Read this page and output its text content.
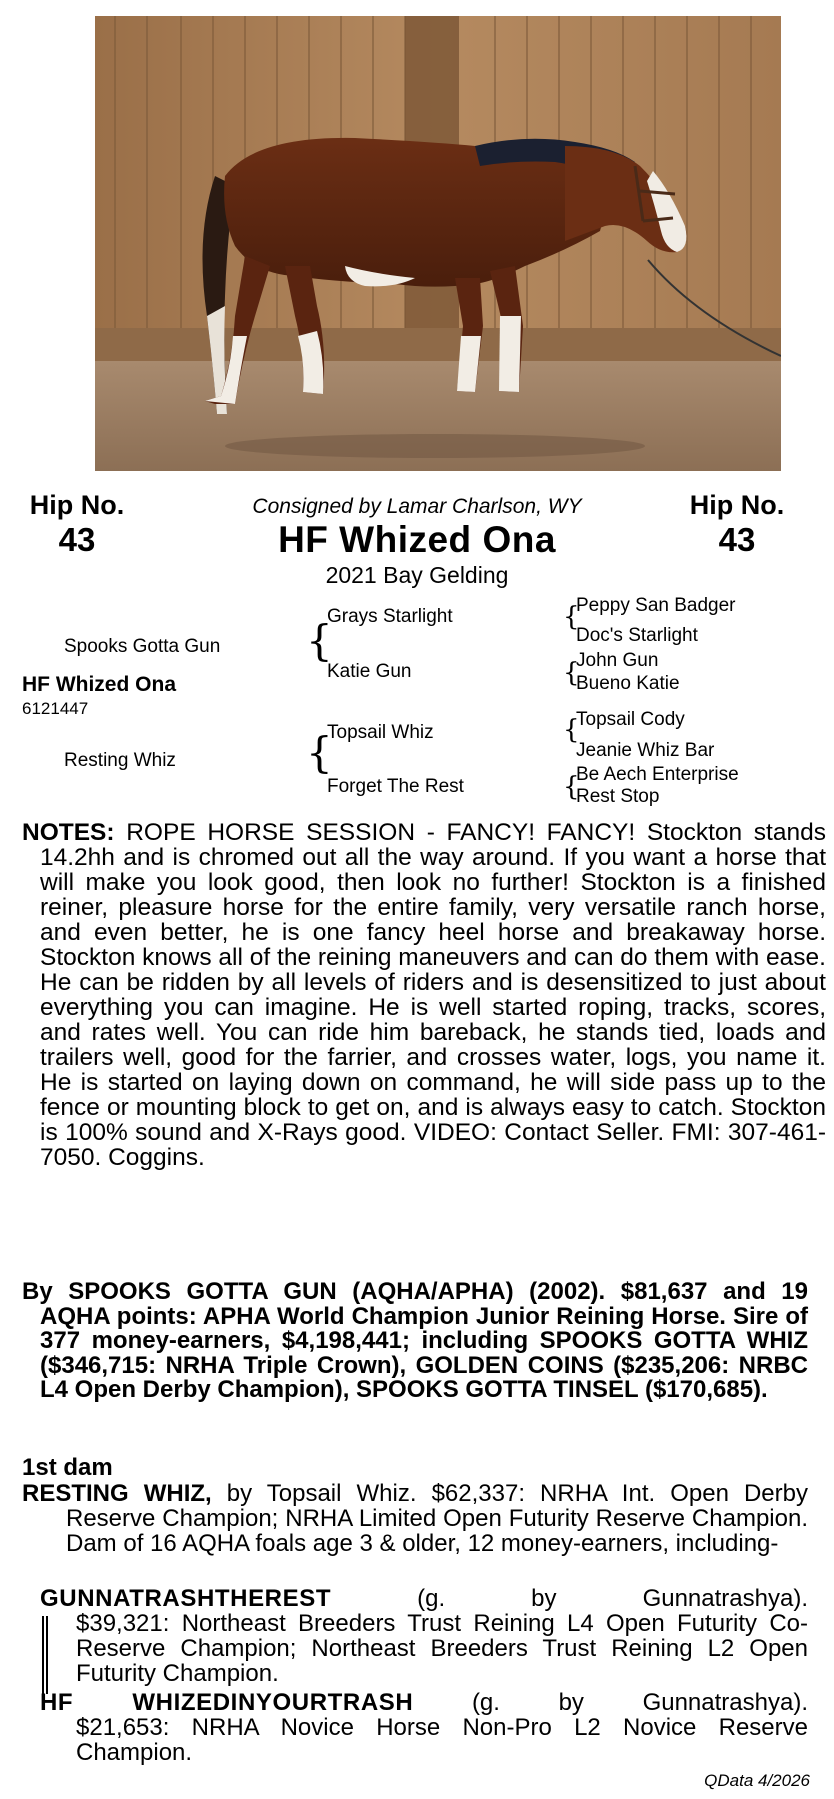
Hip No.
43
Hip No.
43
Consigned by Lamar Charlson, WY
HF Whized Ona
2021 Bay Gelding
Spooks Gotta Gun
HF Whized Ona
6121447
Resting Whiz
{
Grays Starlight
Katie Gun
{
Topsail Whiz
Forget The Rest
{
Peppy San Badger
Doc's Starlight
{
John Gun
Bueno Katie
{
Topsail Cody
Jeanie Whiz Bar
{
Be Aech Enterprise
Rest Stop
NOTES: ROPE HORSE SESSION - FANCY! FANCY! Stockton stands 14.2hh and is chromed out all the way around. If you want a horse that will make you look good, then look no further! Stockton is a finished reiner, pleasure horse for the entire family, very versatile ranch horse, and even better, he is one fancy heel horse and breakaway horse. Stockton knows all of the reining maneuvers and can do them with ease. He can be ridden by all levels of riders and is desensitized to just about everything you can imagine. He is well started roping, tracks, scores, and rates well. You can ride him bareback, he stands tied, loads and trailers well, good for the farrier, and crosses water, logs, you name it. He is started on laying down on command, he will side pass up to the fence or mounting block to get on, and is always easy to catch. Stockton is 100% sound and X-Rays good. VIDEO: Contact Seller. FMI: 307-461-7050. Coggins.
By SPOOKS GOTTA GUN (AQHA/APHA) (2002). $81,637 and 19 AQHA points: APHA World Champion Junior Reining Horse. Sire of 377 money-earners, $4,198,441; including SPOOKS GOTTA WHIZ ($346,715: NRHA Triple Crown), GOLDEN COINS ($235,206: NRBC L4 Open Derby Champion), SPOOKS GOTTA TINSEL ($170,685).
1st dam
RESTING WHIZ, by Topsail Whiz. $62,337: NRHA Int. Open Derby Reserve Champion; NRHA Limited Open Futurity Reserve Champion. Dam of 16 AQHA foals age 3 & older, 12 money-earners, including-
GUNNATRASHTHEREST	(g. by Gunnatrashya).
$39,321: Northeast Breeders Trust Reining L4 Open Futurity Co-Reserve Champion; Northeast Breeders Trust Reining L2 Open Futurity Champion.
HF WHIZEDINYOURTRASH (g. by Gunnatrashya).
$21,653: NRHA Novice Horse Non-Pro L2 Novice Reserve Champion.
QData 4/2026
